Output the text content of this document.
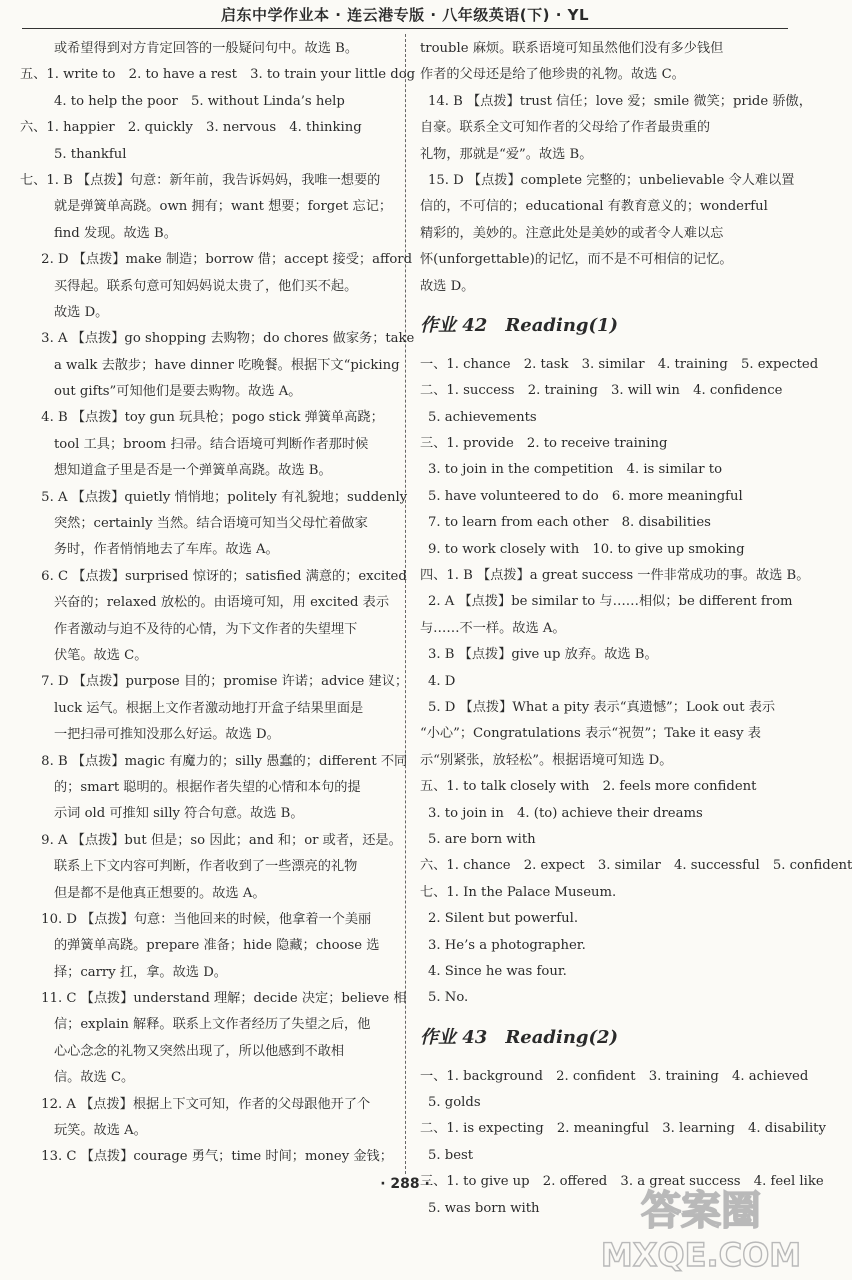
启东中学作业本 · 连云港专版 · 八年级英语(下) · YL
或希望得到对方肯定回答的一般疑问句中。故选 B。
五、1. write to　2. to have a rest　3. to train your little dog
4. to help the poor　5. without Linda’s help
六、1. happier　2. quickly　3. nervous　4. thinking
5. thankful
七、1. B 【点拨】句意：新年前，我告诉妈妈，我唯一想要的
就是弹簧单高跷。own 拥有；want 想要；forget 忘记；
find 发现。故选 B。
　2. D 【点拨】make 制造；borrow 借；accept 接受；afford
买得起。联系句意可知妈妈说太贵了，他们买不起。
故选 D。
　3. A 【点拨】go shopping 去购物；do chores 做家务；take
a walk 去散步；have dinner 吃晚餐。根据下文“picking
out gifts”可知他们是要去购物。故选 A。
　4. B 【点拨】toy gun 玩具枪；pogo stick 弹簧单高跷；
tool 工具；broom 扫帚。结合语境可判断作者那时候
想知道盒子里是否是一个弹簧单高跷。故选 B。
　5. A 【点拨】quietly 悄悄地；politely 有礼貌地；suddenly
突然；certainly 当然。结合语境可知当父母忙着做家
务时，作者悄悄地去了车库。故选 A。
　6. C 【点拨】surprised 惊讶的；satisfied 满意的；excited
兴奋的；relaxed 放松的。由语境可知，用 excited 表示
作者激动与迫不及待的心情，为下文作者的失望埋下
伏笔。故选 C。
　7. D 【点拨】purpose 目的；promise 许诺；advice 建议；
luck 运气。根据上文作者激动地打开盒子结果里面是
一把扫帚可推知没那么好运。故选 D。
　8. B 【点拨】magic 有魔力的；silly 愚蠢的；different 不同
的；smart 聪明的。根据作者失望的心情和本句的提
示词 old 可推知 silly 符合句意。故选 B。
　9. A 【点拨】but 但是；so 因此；and 和；or 或者，还是。
联系上下文内容可判断，作者收到了一些漂亮的礼物
但是都不是他真正想要的。故选 A。
　10. D 【点拨】句意：当他回来的时候，他拿着一个美丽
的弹簧单高跷。prepare 准备；hide 隐藏；choose 选
择；carry 扛，拿。故选 D。
　11. C 【点拨】understand 理解；decide 决定；believe 相
信；explain 解释。联系上文作者经历了失望之后，他
心心念念的礼物又突然出现了，所以他感到不敢相
信。故选 C。
　12. A 【点拨】根据上下文可知，作者的父母跟他开了个
玩笑。故选 A。
　13. C 【点拨】courage 勇气；time 时间；money 金钱；
trouble 麻烦。联系语境可知虽然他们没有多少钱但
作者的父母还是给了他珍贵的礼物。故选 C。
14. B 【点拨】trust 信任；love 爱；smile 微笑；pride 骄傲，
自豪。联系全文可知作者的父母给了作者最贵重的
礼物，那就是“爱”。故选 B。
15. D 【点拨】complete 完整的；unbelievable 令人难以置
信的，不可信的；educational 有教育意义的；wonderful
精彩的，美妙的。注意此处是美妙的或者令人难以忘
怀(unforgettable)的记忆，而不是不可相信的记忆。
故选 D。
作业 42　Reading(1)
一、1. chance　2. task　3. similar　4. training　5. expected
二、1. success　2. training　3. will win　4. confidence
5. achievements
三、1. provide　2. to receive training
3. to join in the competition　4. is similar to
5. have volunteered to do　6. more meaningful
7. to learn from each other　8. disabilities
9. to work closely with　10. to give up smoking
四、1. B 【点拨】a great success 一件非常成功的事。故选 B。
2. A 【点拨】be similar to 与……相似；be different from
与……不一样。故选 A。
3. B 【点拨】give up 放弃。故选 B。
4. D
5. D 【点拨】What a pity 表示“真遗憾”；Look out 表示
“小心”；Congratulations 表示“祝贺”；Take it easy 表
示“别紧张，放轻松”。根据语境可知选 D。
五、1. to talk closely with　2. feels more confident
3. to join in　4. (to) achieve their dreams
5. are born with
六、1. chance　2. expect　3. similar　4. successful　5. confident
七、1. In the Palace Museum.
2. Silent but powerful.
3. He’s a photographer.
4. Since he was four.
5. No.
作业 43　Reading(2)
一、1. background　2. confident　3. training　4. achieved
5. golds
二、1. is expecting　2. meaningful　3. learning　4. disability
5. best
三、1. to give up　2. offered　3. a great success　4. feel like
5. was born with
· 288 ·
答案圈
MXQE.COM
